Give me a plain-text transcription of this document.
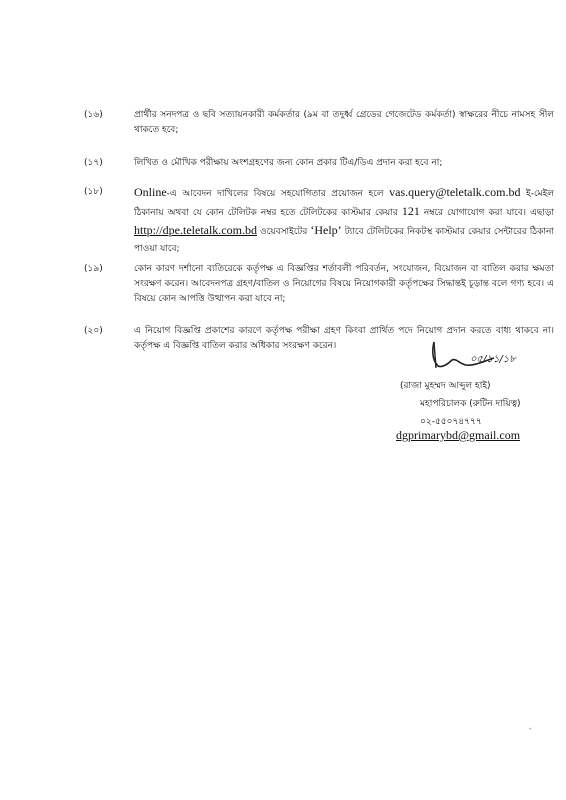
(১৬)	প্রার্থীর সনদপত্র ও ছবি সত্যায়নকারী কর্মকর্তার (৯ম বা তদুর্ধ্ব গ্রেডের গেজেটেড কর্মকর্তা) স্বাক্ষরের নীচে নামসহ সীল থাকতে হবে;
(১৭)	লিখিত ও মৌখিক পরীক্ষায় অংশগ্রহণের জন্য কোন প্রকার টিএ/ডিএ প্রদান করা হবে না;
(১৮)	Online-এ আবেদন দাখিলের বিষয়ে সহযোগিতার প্রয়োজন হলে vas.query@teletalk.com.bd ই-মেইল ঠিকানায় অথবা যে কোন টেলিটক নম্বর হতে টেলিটকের কাস্টমার কেয়ার 121 নম্বরে যোগাযোগ করা যাবে। এছাড়া http://dpe.teletalk.com.bd ওয়েবসাইটের ‘Help’ ট্যাবে টেলিটকের নিকটস্থ কাস্টমার কেয়ার সেন্টারের ঠিকানা পাওয়া যাবে;
(১৯)	কোন কারণ দর্শানো ব্যতিরেকে কর্তৃপক্ষ এ বিজ্ঞপ্তির শর্তাবলী পরিবর্তন, সংযোজন, বিয়োজন বা বাতিল করার ক্ষমতা সংরক্ষণ করেন। আবেদনপত্র গ্রহণ/বাতিল ও নিয়োগের বিষয়ে নিয়োগকারী কর্তৃপক্ষের সিদ্ধান্তই চূড়ান্ত বলে গণ্য হবে। এ বিষয়ে কোন আপত্তি উত্থাপন করা যাবে না;
(২০)	এ নিয়োগ বিজ্ঞপ্তি প্রকাশের কারণে কর্তৃপক্ষ পরীক্ষা গ্রহণ কিংবা প্রার্থিত পদে নিয়োগ প্রদান করতে বাধ্য থাকবে না। কর্তৃপক্ষ এ বিজ্ঞপ্তি বাতিল করার অধিকার সংরক্ষণ করেন।
০৫/১১/১৮
(রাজা মুহম্মদ আব্দুল হাই)
মহাপরিচালক (রুটিন দায়িত্ব)
০২-৫৫০৭৪৭৭৭
dgprimarybd@gmail.com
ˇ
